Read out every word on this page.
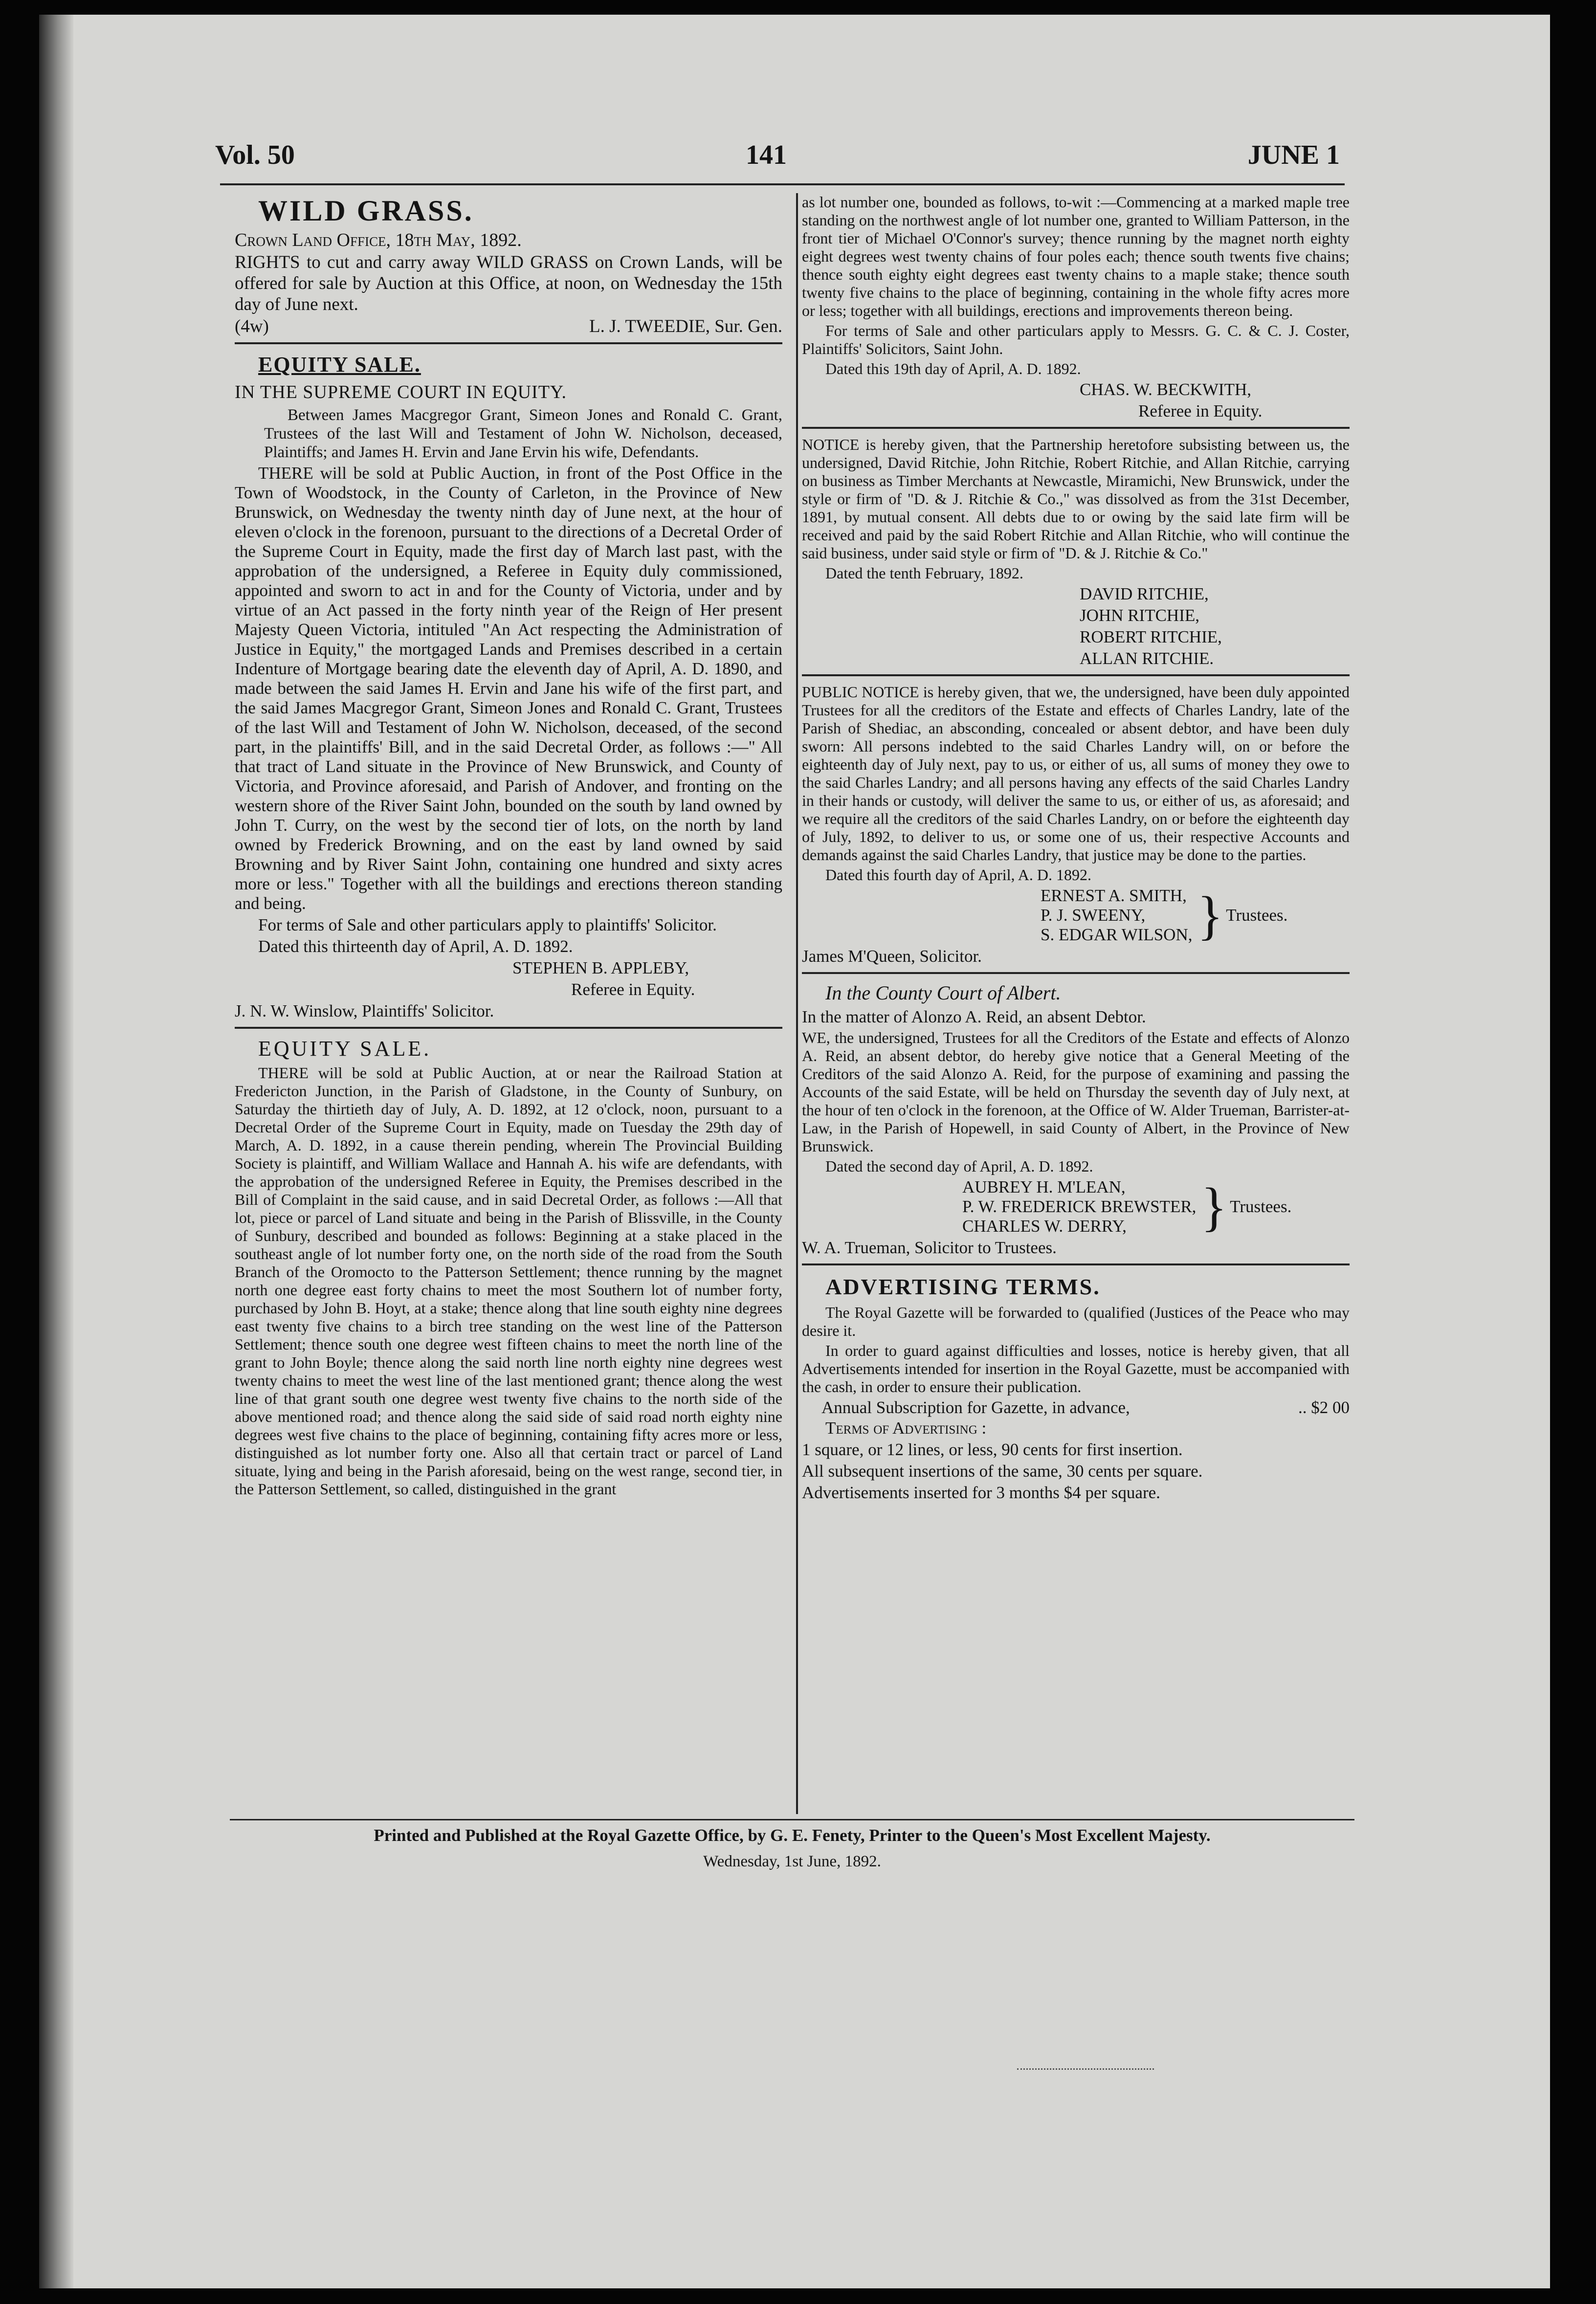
Vol. 50	141	JUNE 1

WILD GRASS.

Crown Land Office, 18th May, 1892.

RIGHTS to cut and carry away WILD GRASS on Crown Lands, will be offered for sale by Auction at this Office, at noon, on Wednesday the 15th day of June next.

(4w)	L. J. TWEEDIE, Sur. Gen.

EQUITY SALE.

IN THE SUPREME COURT IN EQUITY.

Between James Macgregor Grant, Simeon Jones and Ronald C. Grant, Trustees of the last Will and Testament of John W. Nicholson, deceased, Plaintiffs; and James H. Ervin and Jane Ervin his wife, Defendants.

THERE will be sold at Public Auction, in front of the Post Office in the Town of Woodstock, in the County of Carleton, in the Province of New Brunswick, on Wednesday the twenty ninth day of June next, at the hour of eleven o'clock in the forenoon, pursuant to the directions of a Decretal Order of the Supreme Court in Equity, made the first day of March last past, with the approbation of the undersigned, a Referee in Equity duly commissioned, appointed and sworn to act in and for the County of Victoria, under and by virtue of an Act passed in the forty ninth year of the Reign of Her present Majesty Queen Victoria, intituled "An Act respecting the Administration of Justice in Equity," the mortgaged Lands and Premises described in a certain Indenture of Mortgage bearing date the eleventh day of April, A. D. 1890, and made between the said James H. Ervin and Jane his wife of the first part, and the said James Macgregor Grant, Simeon Jones and Ronald C. Grant, Trustees of the last Will and Testament of John W. Nicholson, deceased, of the second part, in the plaintiffs' Bill, and in the said Decretal Order, as follows :—" All that tract of Land situate in the Province of New Brunswick, and County of Victoria, and Province aforesaid, and Parish of Andover, and fronting on the western shore of the River Saint John, bounded on the south by land owned by John T. Curry, on the west by the second tier of lots, on the north by land owned by Frederick Browning, and on the east by land owned by said Browning and by River Saint John, containing one hundred and sixty acres more or less." Together with all the buildings and erections thereon standing and being.

For terms of Sale and other particulars apply to plaintiffs' Solicitor.

Dated this thirteenth day of April, A. D. 1892.

STEPHEN B. APPLEBY,

Referee in Equity.

J. N. W. Winslow, Plaintiffs' Solicitor.

EQUITY SALE.

THERE will be sold at Public Auction, at or near the Railroad Station at Fredericton Junction, in the Parish of Gladstone, in the County of Sunbury, on Saturday the thirtieth day of July, A. D. 1892, at 12 o'clock, noon, pursuant to a Decretal Order of the Supreme Court in Equity, made on Tuesday the 29th day of March, A. D. 1892, in a cause therein pending, wherein The Provincial Building Society is plaintiff, and William Wallace and Hannah A. his wife are defendants, with the approbation of the undersigned Referee in Equity, the Premises described in the Bill of Complaint in the said cause, and in said Decretal Order, as follows :—All that lot, piece or parcel of Land situate and being in the Parish of Blissville, in the County of Sunbury, described and bounded as follows: Beginning at a stake placed in the southeast angle of lot number forty one, on the north side of the road from the South Branch of the Oromocto to the Patterson Settlement; thence running by the magnet north one degree east forty chains to meet the most Southern lot of number forty, purchased by John B. Hoyt, at a stake; thence along that line south eighty nine degrees east twenty five chains to a birch tree standing on the west line of the Patterson Settlement; thence south one degree west fifteen chains to meet the north line of the grant to John Boyle; thence along the said north line north eighty nine degrees west twenty chains to meet the west line of the last mentioned grant; thence along the west line of that grant south one degree west twenty five chains to the north side of the above mentioned road; and thence along the said side of said road north eighty nine degrees west five chains to the place of beginning, containing fifty acres more or less, distinguished as lot number forty one. Also all that certain tract or parcel of Land situate, lying and being in the Parish aforesaid, being on the west range, second tier, in the Patterson Settlement, so called, distinguished in the grant

as lot number one, bounded as follows, to-wit :—Commencing at a marked maple tree standing on the northwest angle of lot number one, granted to William Patterson, in the front tier of Michael O'Connor's survey; thence running by the magnet north eighty eight degrees west twenty chains of four poles each; thence south twents five chains; thence south eighty eight degrees east twenty chains to a maple stake; thence south twenty five chains to the place of beginning, containing in the whole fifty acres more or less; together with all buildings, erections and improvements thereon being.

For terms of Sale and other particulars apply to Messrs. G. C. & C. J. Coster, Plaintiffs' Solicitors, Saint John.

Dated this 19th day of April, A. D. 1892.

CHAS. W. BECKWITH,

Referee in Equity.

NOTICE is hereby given, that the Partnership heretofore subsisting between us, the undersigned, David Ritchie, John Ritchie, Robert Ritchie, and Allan Ritchie, carrying on business as Timber Merchants at Newcastle, Miramichi, New Brunswick, under the style or firm of "D. & J. Ritchie & Co.," was dissolved as from the 31st December, 1891, by mutual consent. All debts due to or owing by the said late firm will be received and paid by the said Robert Ritchie and Allan Ritchie, who will continue the said business, under said style or firm of "D. & J. Ritchie & Co."

Dated the tenth February, 1892.

DAVID RITCHIE,

JOHN RITCHIE,

ROBERT RITCHIE,

ALLAN RITCHIE.

PUBLIC NOTICE is hereby given, that we, the undersigned, have been duly appointed Trustees for all the creditors of the Estate and effects of Charles Landry, late of the Parish of Shediac, an absconding, concealed or absent debtor, and have been duly sworn: All persons indebted to the said Charles Landry will, on or before the eighteenth day of July next, pay to us, or either of us, all sums of money they owe to the said Charles Landry; and all persons having any effects of the said Charles Landry in their hands or custody, will deliver the same to us, or either of us, as aforesaid; and we require all the creditors of the said Charles Landry, on or before the eighteenth day of July, 1892, to deliver to us, or some one of us, their respective Accounts and demands against the said Charles Landry, that justice may be done to the parties.

Dated this fourth day of April, A. D. 1892.

ERNEST A. SMITH,

P. J. SWEENY,

S. EDGAR WILSON, } Trustees.

James M'Queen, Solicitor.

In the County Court of Albert.

In the matter of Alonzo A. Reid, an absent Debtor.

WE, the undersigned, Trustees for all the Creditors of the Estate and effects of Alonzo A. Reid, an absent debtor, do hereby give notice that a General Meeting of the Creditors of the said Alonzo A. Reid, for the purpose of examining and passing the Accounts of the said Estate, will be held on Thursday the seventh day of July next, at the hour of ten o'clock in the forenoon, at the Office of W. Alder Trueman, Barrister-at-Law, in the Parish of Hopewell, in said County of Albert, in the Province of New Brunswick.

Dated the second day of April, A. D. 1892.

AUBREY H. M'LEAN,

P. W. FREDERICK BREWSTER,

CHARLES W. DERRY,	} Trustees.

W. A. Trueman, Solicitor to Trustees.

ADVERTISING TERMS.

The Royal Gazette will be forwarded to (qualified (Justices of the Peace who may desire it.

In order to guard against difficulties and losses, notice is hereby given, that all Advertisements intended for insertion in the Royal Gazette, must be accompanied with the cash, in order to ensure their publication.

Annual Subscription for Gazette, in advance,	.. $2 00

Terms of Advertising :

1 square, or 12 lines, or less, 90 cents for first insertion.

All subsequent insertions of the same, 30 cents per square.

Advertisements inserted for 3 months $4 per square.

Printed and Published at the Royal Gazette Office, by G. E. Fenety, Printer to the Queen's Most Excellent Majesty.
Wednesday, 1st June, 1892.
